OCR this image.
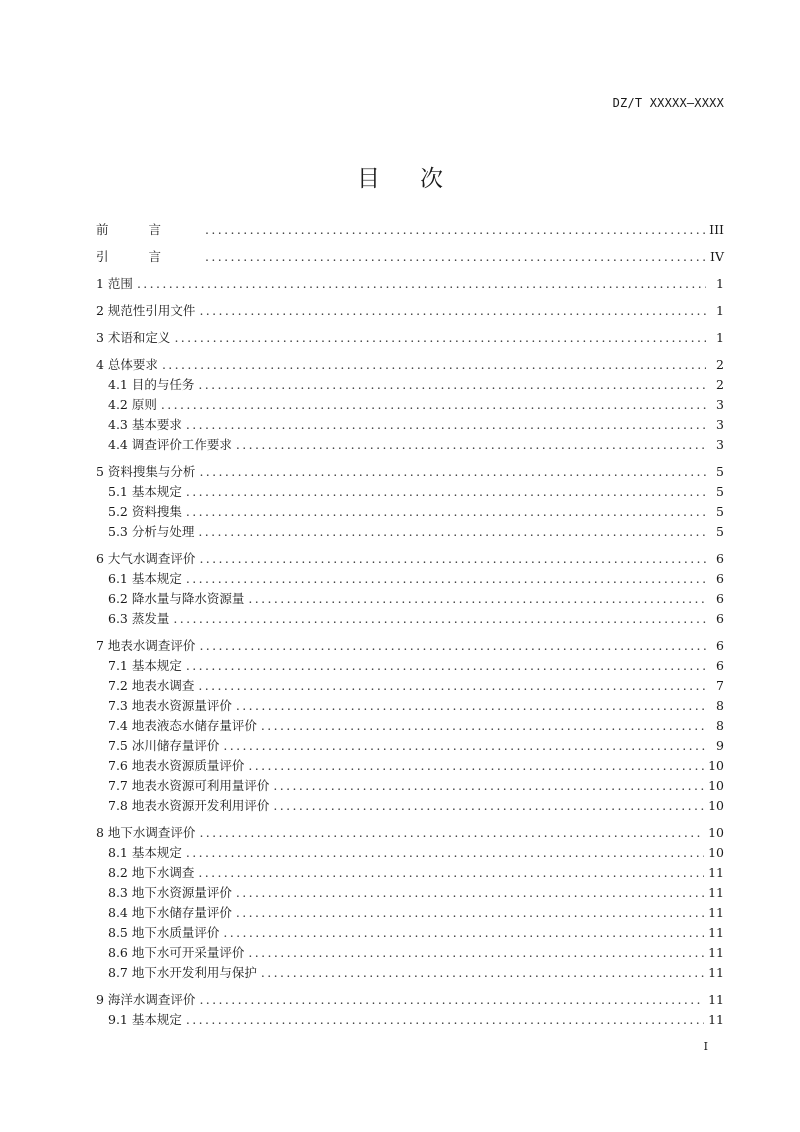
DZ/T XXXXX—XXXX
目次
前言 .....	III
引言 .....	IV
1 范围 .....	1
2 规范性引用文件 .....	1
3 术语和定义 .....	1
4 总体要求 .....	2
4.1 目的与任务 .....	2
4.2 原则 .....	3
4.3 基本要求 .....	3
4.4 调查评价工作要求 .....	3
5 资料搜集与分析 .....	5
5.1 基本规定 .....	5
5.2 资料搜集 .....	5
5.3 分析与处理 .....	5
6 大气水调查评价 .....	6
6.1 基本规定 .....	6
6.2 降水量与降水资源量 .....	6
6.3 蒸发量 .....	6
7 地表水调查评价 .....	6
7.1 基本规定 .....	6
7.2 地表水调查 .....	7
7.3 地表水资源量评价 .....	8
7.4 地表液态水储存量评价 .....	8
7.5 冰川储存量评价 .....	9
7.6 地表水资源质量评价 .....	10
7.7 地表水资源可利用量评价 .....	10
7.8 地表水资源开发利用评价 .....	10
8 地下水调查评价 .....	10
8.1 基本规定 .....	10
8.2 地下水调查 .....	11
8.3 地下水资源量评价 .....	11
8.4 地下水储存量评价 .....	11
8.5 地下水质量评价 .....	11
8.6 地下水可开采量评价 .....	11
8.7 地下水开发利用与保护 .....	11
9 海洋水调查评价 .....	11
9.1 基本规定 .....	11
I
